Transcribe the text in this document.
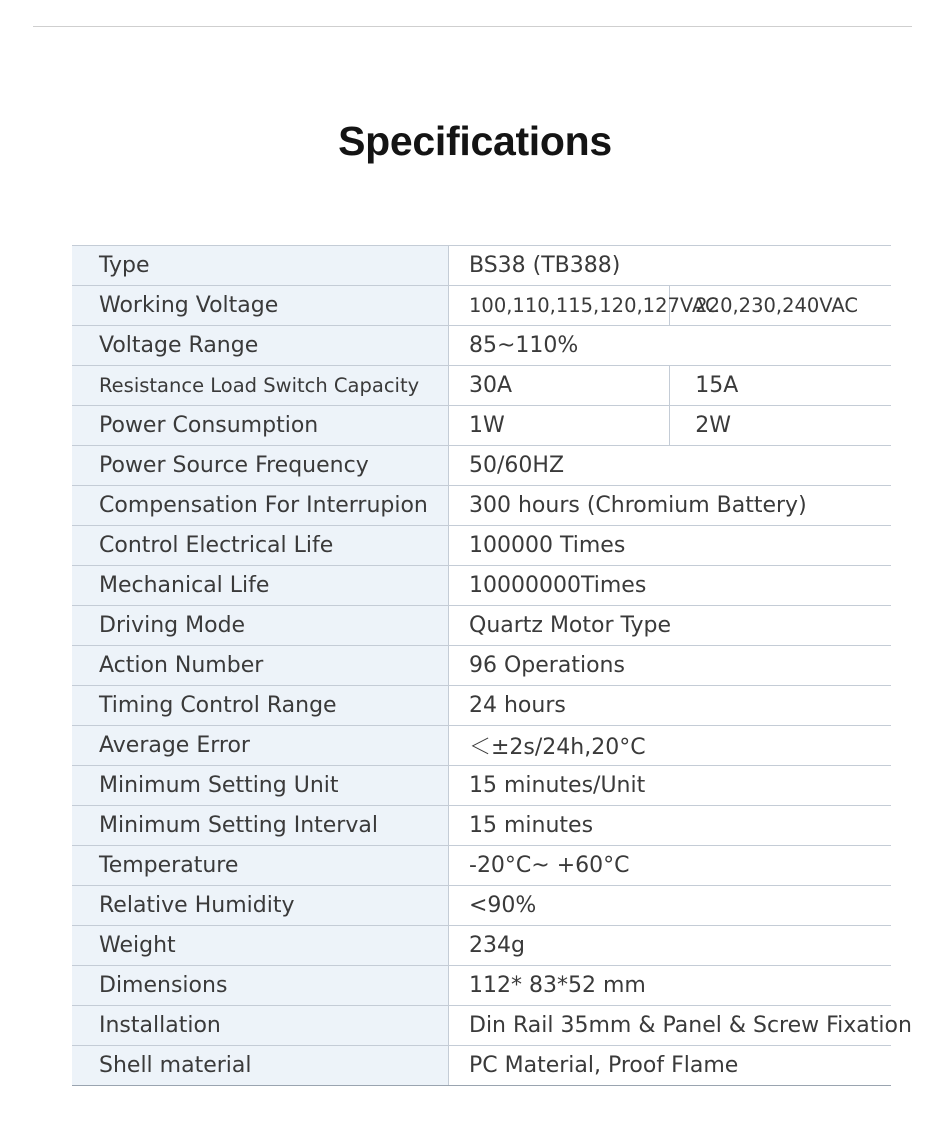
Specifications
Type	BS38 (TB388)	
Working Voltage	100,110,115,120,127VAC	220,230,240VAC
Voltage Range	85~110%	
Resistance Load Switch Capacity	30A	15A
Power Consumption	1W	2W
Power Source Frequency	50/60HZ	
Compensation For Interrupion	300 hours (Chromium Battery)	
Control Electrical Life	100000 Times	
Mechanical Life	10000000Times	
Driving Mode	Quartz Motor Type	
Action Number	96 Operations	
Timing Control Range	24 hours	
Average Error	＜±2s/24h,20°C	
Minimum Setting Unit	15 minutes/Unit	
Minimum Setting Interval	15 minutes	
Temperature	-20°C~ +60°C	
Relative Humidity	<90%	
Weight	234g	
Dimensions	112* 83*52 mm	
Installation	Din Rail 35mm & Panel & Screw Fixation	
Shell material	PC Material, Proof Flame	
